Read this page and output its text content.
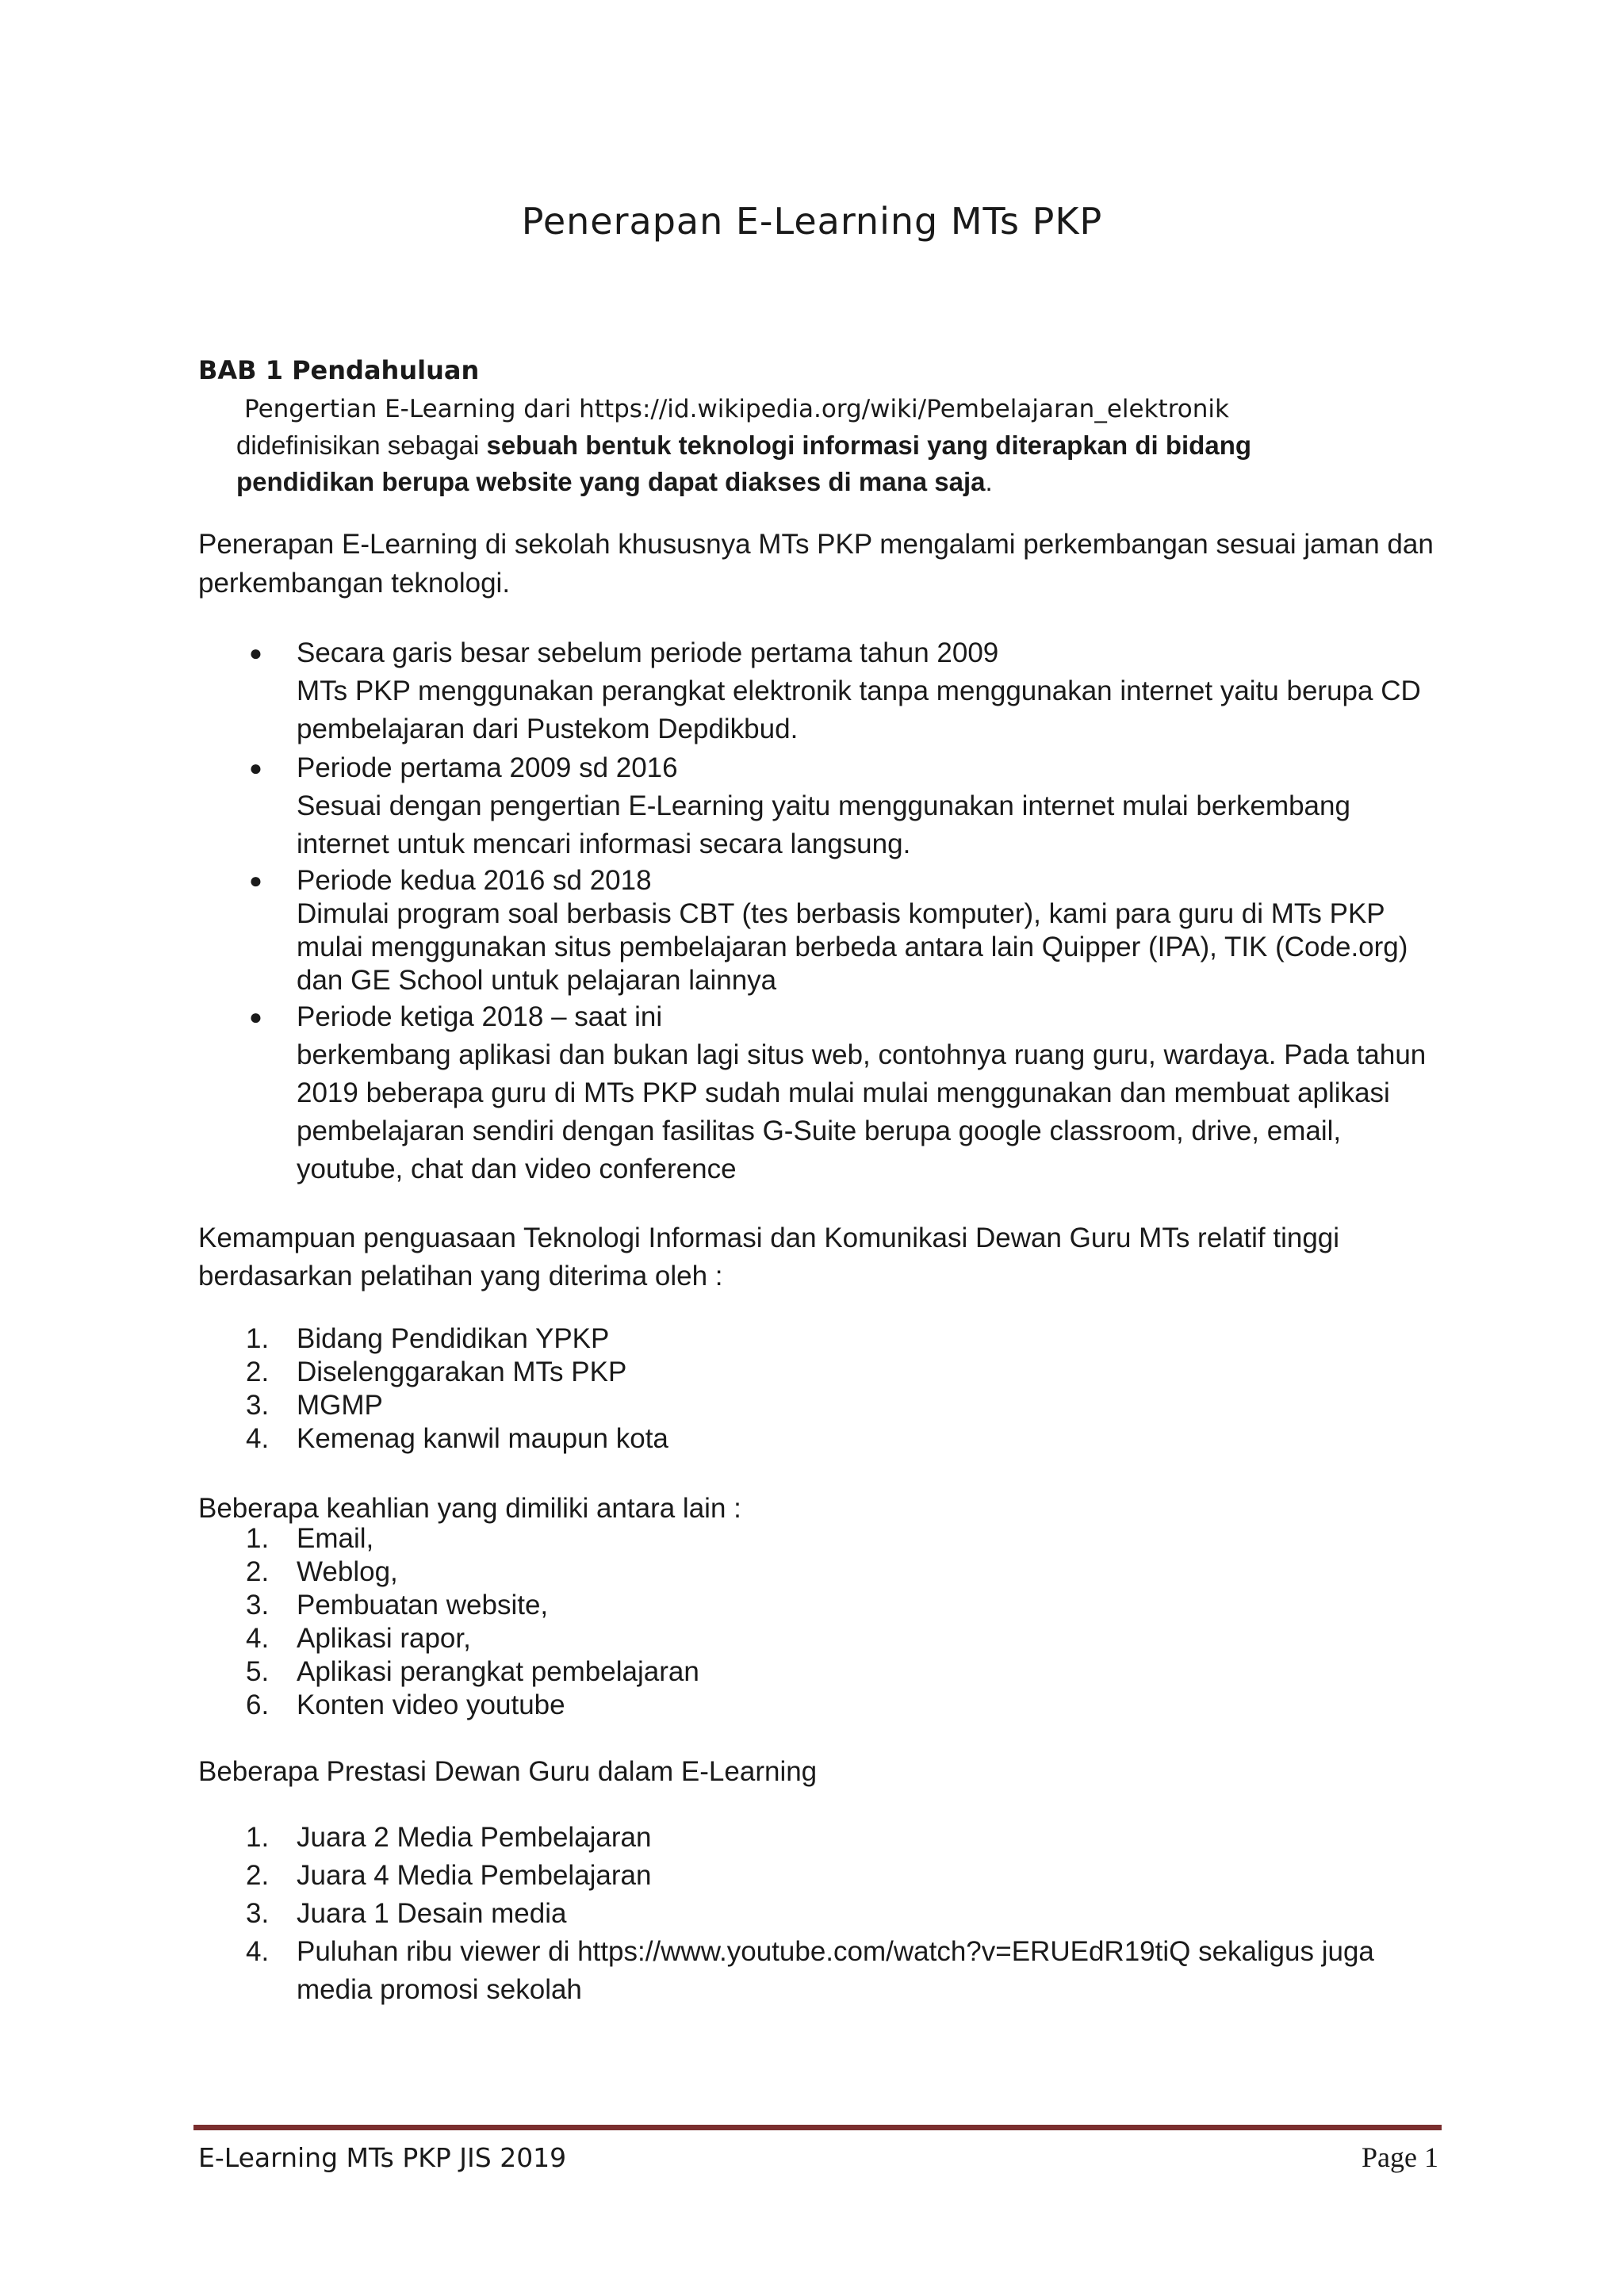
Penerapan E-Learning MTs PKP
BAB 1 Pendahuluan
Pengertian E-Learning dari https://id.wikipedia.org/wiki/Pembelajaran_elektronik
didefinisikan sebagai sebuah bentuk teknologi informasi yang diterapkan di bidang
pendidikan berupa website yang dapat diakses di mana saja.

Penerapan E-Learning di sekolah khususnya MTs PKP mengalami perkembangan sesuai jaman dan perkembangan teknologi.

● Secara garis besar sebelum periode pertama tahun 2009
MTs PKP menggunakan perangkat elektronik tanpa menggunakan internet yaitu berupa CD pembelajaran dari Pustekom Depdikbud.
● Periode pertama 2009 sd 2016
Sesuai dengan pengertian E-Learning yaitu menggunakan internet mulai berkembang internet untuk mencari informasi secara langsung.
● Periode kedua 2016 sd 2018
Dimulai program soal berbasis CBT (tes berbasis komputer), kami para guru di MTs PKP mulai menggunakan situs pembelajaran berbeda antara lain Quipper (IPA), TIK (Code.org) dan GE School untuk pelajaran lainnya
● Periode ketiga 2018 – saat ini
berkembang aplikasi dan bukan lagi situs web, contohnya ruang guru, wardaya. Pada tahun 2019 beberapa guru di MTs PKP sudah mulai mulai menggunakan dan membuat aplikasi pembelajaran sendiri dengan fasilitas G-Suite berupa google classroom, drive, email, youtube, chat dan video conference

Kemampuan penguasaan Teknologi Informasi dan Komunikasi Dewan Guru MTs relatif tinggi berdasarkan pelatihan yang diterima oleh :

1. Bidang Pendidikan YPKP
2. Diselenggarakan MTs PKP
3. MGMP
4. Kemenag kanwil maupun kota

Beberapa keahlian yang dimiliki antara lain :

1. Email,
2. Weblog,
3. Pembuatan website,
4. Aplikasi rapor,
5. Aplikasi perangkat pembelajaran
6. Konten video youtube

Beberapa Prestasi Dewan Guru dalam E-Learning

1. Juara 2 Media Pembelajaran
2. Juara 4 Media Pembelajaran
3. Juara 1 Desain media
4. Puluhan ribu viewer di https://www.youtube.com/watch?v=ERUEdR19tiQ sekaligus juga media promosi sekolah
E-Learning MTs PKP JIS 2019	Page 1
